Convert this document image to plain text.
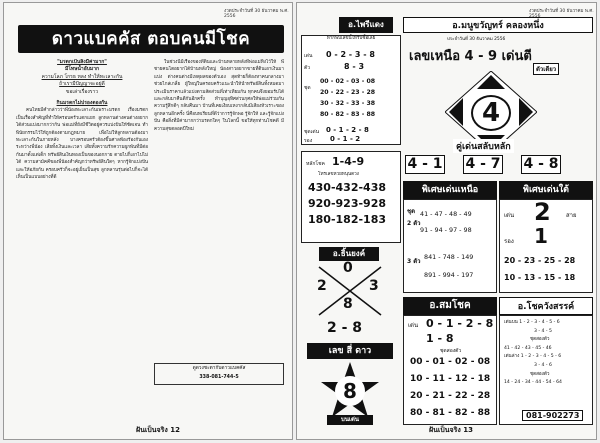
งวดประจำวันที่ 30 ธันวาคม พ.ศ. 2556
ดาวแบคคัส ตอบคนมีโชค
"มรดกเป็นสิ่งมีค่ามาก"
มีโทษน้ำอับมาก
ความโลภ โกรธ หลง ทำให้ทะเลาะกัน
ถ้าเรามีปัญญาจะอยู่ดี
ขอเล่าเรื่องราว
กินมรดกไม่ปรองดองกัน

คนไทยมีคำกล่าวว่าพี่น้องทะเลาะกันเพราะมรดก เรื่องมรดกเป็นเรื่องสำคัญที่ทำให้ครอบครัวแตกแยก ลูกหลานต่างคนต่างอยากได้ส่วนแบ่งมากกว่ากัน พ่อแม่ที่ยังมีชีวิตอยู่ควรแบ่งปันให้ชัดเจน ทำพินัยกรรมไว้ให้ถูกต้องตามกฎหมาย เพื่อไม่ให้ลูกหลานต้องมาทะเลาะกันในภายหลัง บางครอบครัวต้องขึ้นศาลฟ้องร้องกันเองระหว่างพี่น้อง เสียทั้งเงินและเวลา เสียทั้งความรักความผูกพันที่มีต่อกันมาตั้งแต่เด็ก ทรัพย์สินเงินทองเป็นของนอกกาย ตายไปก็เอาไปไม่ได้ ความสามัคคีของพี่น้องสำคัญกว่าทรัพย์สินใดๆ หากรู้จักแบ่งปันและให้อภัยกัน ครอบครัวก็จะอยู่เย็นเป็นสุข ลูกหลานรุ่นต่อไปก็จะได้เห็นเป็นแบบอย่างที่ดี

ในช่วงนี้มีเรื่องของที่ดินและบ้านหลายหลังที่พ่อแม่ทิ้งไว้ให้ พี่ชายคนโตอยากได้บ้านหลังใหญ่ น้องสาวอยากขายที่ดินเอาเงินมาแบ่ง ต่างคนต่างมีเหตุผลของตัวเอง สุดท้ายก็ต้องหาคนกลางมาช่วยไกล่เกลี่ย ผู้ใหญ่ในครอบครัวแนะนำให้นำทรัพย์สินทั้งหมดมาประเมินราคาแล้วแบ่งตามสัดส่วนที่เท่าเทียมกัน ทุกคนจึงยอมรับได้ และกลับมาคืนดีกันอีกครั้ง ทำบุญอุทิศส่วนกุศลให้พ่อแม่ร่วมกัน ความรู้สึกดีๆ กลับคืนมา บ้านที่เคยเงียบเหงากลับมีเสียงหัวเราะของลูกหลานอีกครั้ง นี่คือบทเรียนที่ดีว่าการรู้จักพอ รู้จักให้ และรู้จักแบ่งปัน คือสิ่งที่มีค่ามากกว่ามรดกใดๆ ในโลกนี้ ขอให้ทุกท่านโชคดี มีความสุขตลอดปีใหม่

ดูดวงชะตากับดาวแบคคัส
338-081-744-5
ฝันเป็นจริง 12
งวดประจำวันที่ 30 ธันวาคม พ.ศ.
อ.ไพรีแดง
หากพบเลขนี้ให้รีบซื้อเลย
เด่น 0 - 2 - 3 - 8
ตัว	8 - 3
ชุด
00 - 02 - 03 - 08
20 - 22 - 23 - 28
30 - 32 - 33 - 38
80 - 82 - 83 - 88
ชุดเด่น 0 - 1 - 2 - 8
รอง	0 - 1 - 2
อ.มนูขวัญทร์ คลองหนึ่ง
ประจำวันที่ 30 ธันวาคม 2556
เลขเหนือ 4 - 9 เด่นตี
ตัวเดียว
4
คู่เด่นสลับหลัก
4 - 1 4 - 7 4 - 8
หลักโชค 1-4-9
โทรเลขหวยหนุนดวง
430-432-438
920-923-928
180-182-183
อ.ธิ้นยงค์
0
2	3
8
2 - 8
เลข สี่ ดาว
8
บนเด่น
พิเศษเด่นเหนือ
ชุด
2 ตัว
41 - 47 - 48 - 49
91 - 94 - 97 - 98
3 ตัว
841 - 748 - 149
891 - 994 - 197
พิเศษเด่นใต้
เด่น 2	สาย
รอง 1
20 - 23 - 25 - 28
10 - 13 - 15 - 18
อ.สมโชค
เด่น 0 - 1 - 2 - 8
1 - 8
ชุดสองตัว
00 - 01 - 02 - 08
10 - 11 - 12 - 18
20 - 21 - 22 - 28
80 - 81 - 82 - 88
อ.โชควังสรรค์
เด่นบน 1 - 2 - 3 - 4 - 5 - 6
3 - 4 - 5
ชุดสองตัว
41 - 42 - 43 - 45 - 46
เด่นล่าง 1 - 2 - 3 - 4 - 5 - 6
3 - 4 - 6
ชุดสองตัว
14 - 24 - 34 - 44 - 54 - 64
081-902273
ฝันเป็นจริง 13
